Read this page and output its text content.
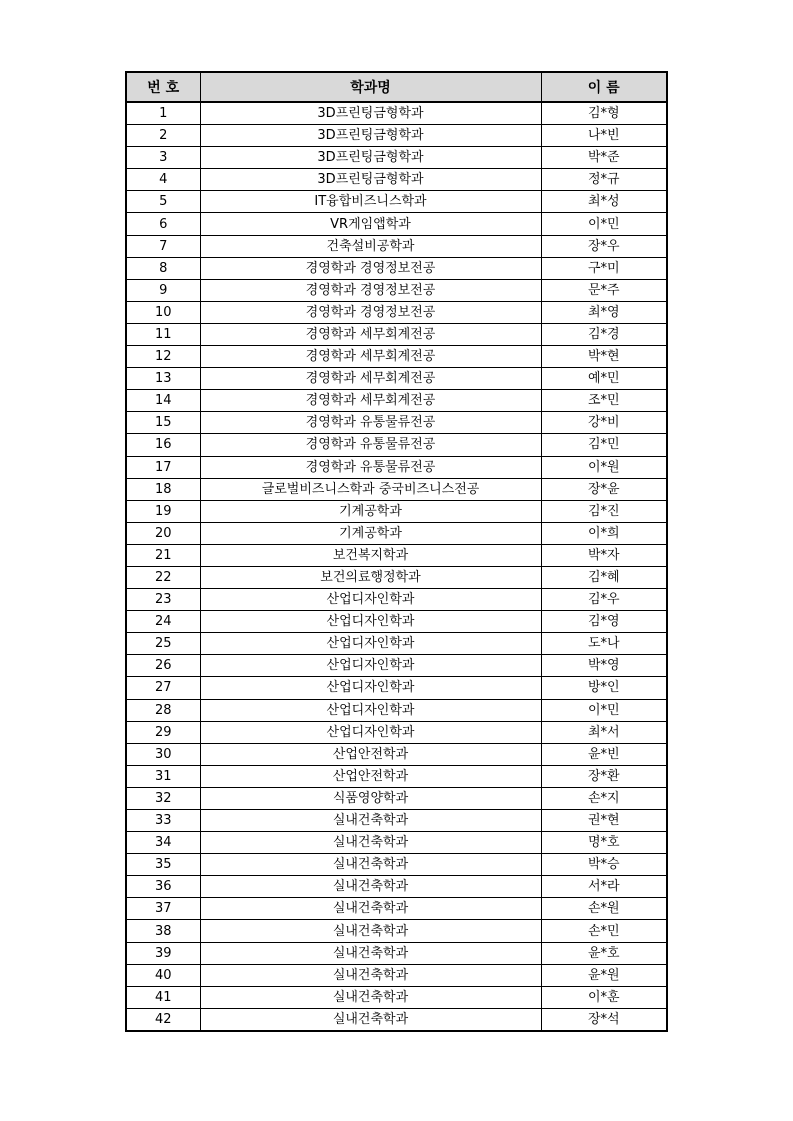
번 호	학과명	이 름
1	3D프린팅금형학과	김*형
2	3D프린팅금형학과	나*빈
3	3D프린팅금형학과	박*준
4	3D프린팅금형학과	정*규
5	IT융합비즈니스학과	최*성
6	VR게임앱학과	이*민
7	건축설비공학과	장*우
8	경영학과 경영정보전공	구*미
9	경영학과 경영정보전공	문*주
10	경영학과 경영정보전공	최*영
11	경영학과 세무회계전공	김*경
12	경영학과 세무회계전공	박*현
13	경영학과 세무회계전공	예*민
14	경영학과 세무회계전공	조*민
15	경영학과 유통물류전공	강*비
16	경영학과 유통물류전공	김*민
17	경영학과 유통물류전공	이*원
18	글로벌비즈니스학과 중국비즈니스전공	장*윤
19	기계공학과	김*진
20	기계공학과	이*희
21	보건복지학과	박*자
22	보건의료행정학과	김*혜
23	산업디자인학과	김*우
24	산업디자인학과	김*영
25	산업디자인학과	도*나
26	산업디자인학과	박*영
27	산업디자인학과	방*인
28	산업디자인학과	이*민
29	산업디자인학과	최*서
30	산업안전학과	윤*빈
31	산업안전학과	장*환
32	식품영양학과	손*지
33	실내건축학과	권*현
34	실내건축학과	명*호
35	실내건축학과	박*승
36	실내건축학과	서*라
37	실내건축학과	손*원
38	실내건축학과	손*민
39	실내건축학과	윤*호
40	실내건축학과	윤*원
41	실내건축학과	이*훈
42	실내건축학과	장*석
